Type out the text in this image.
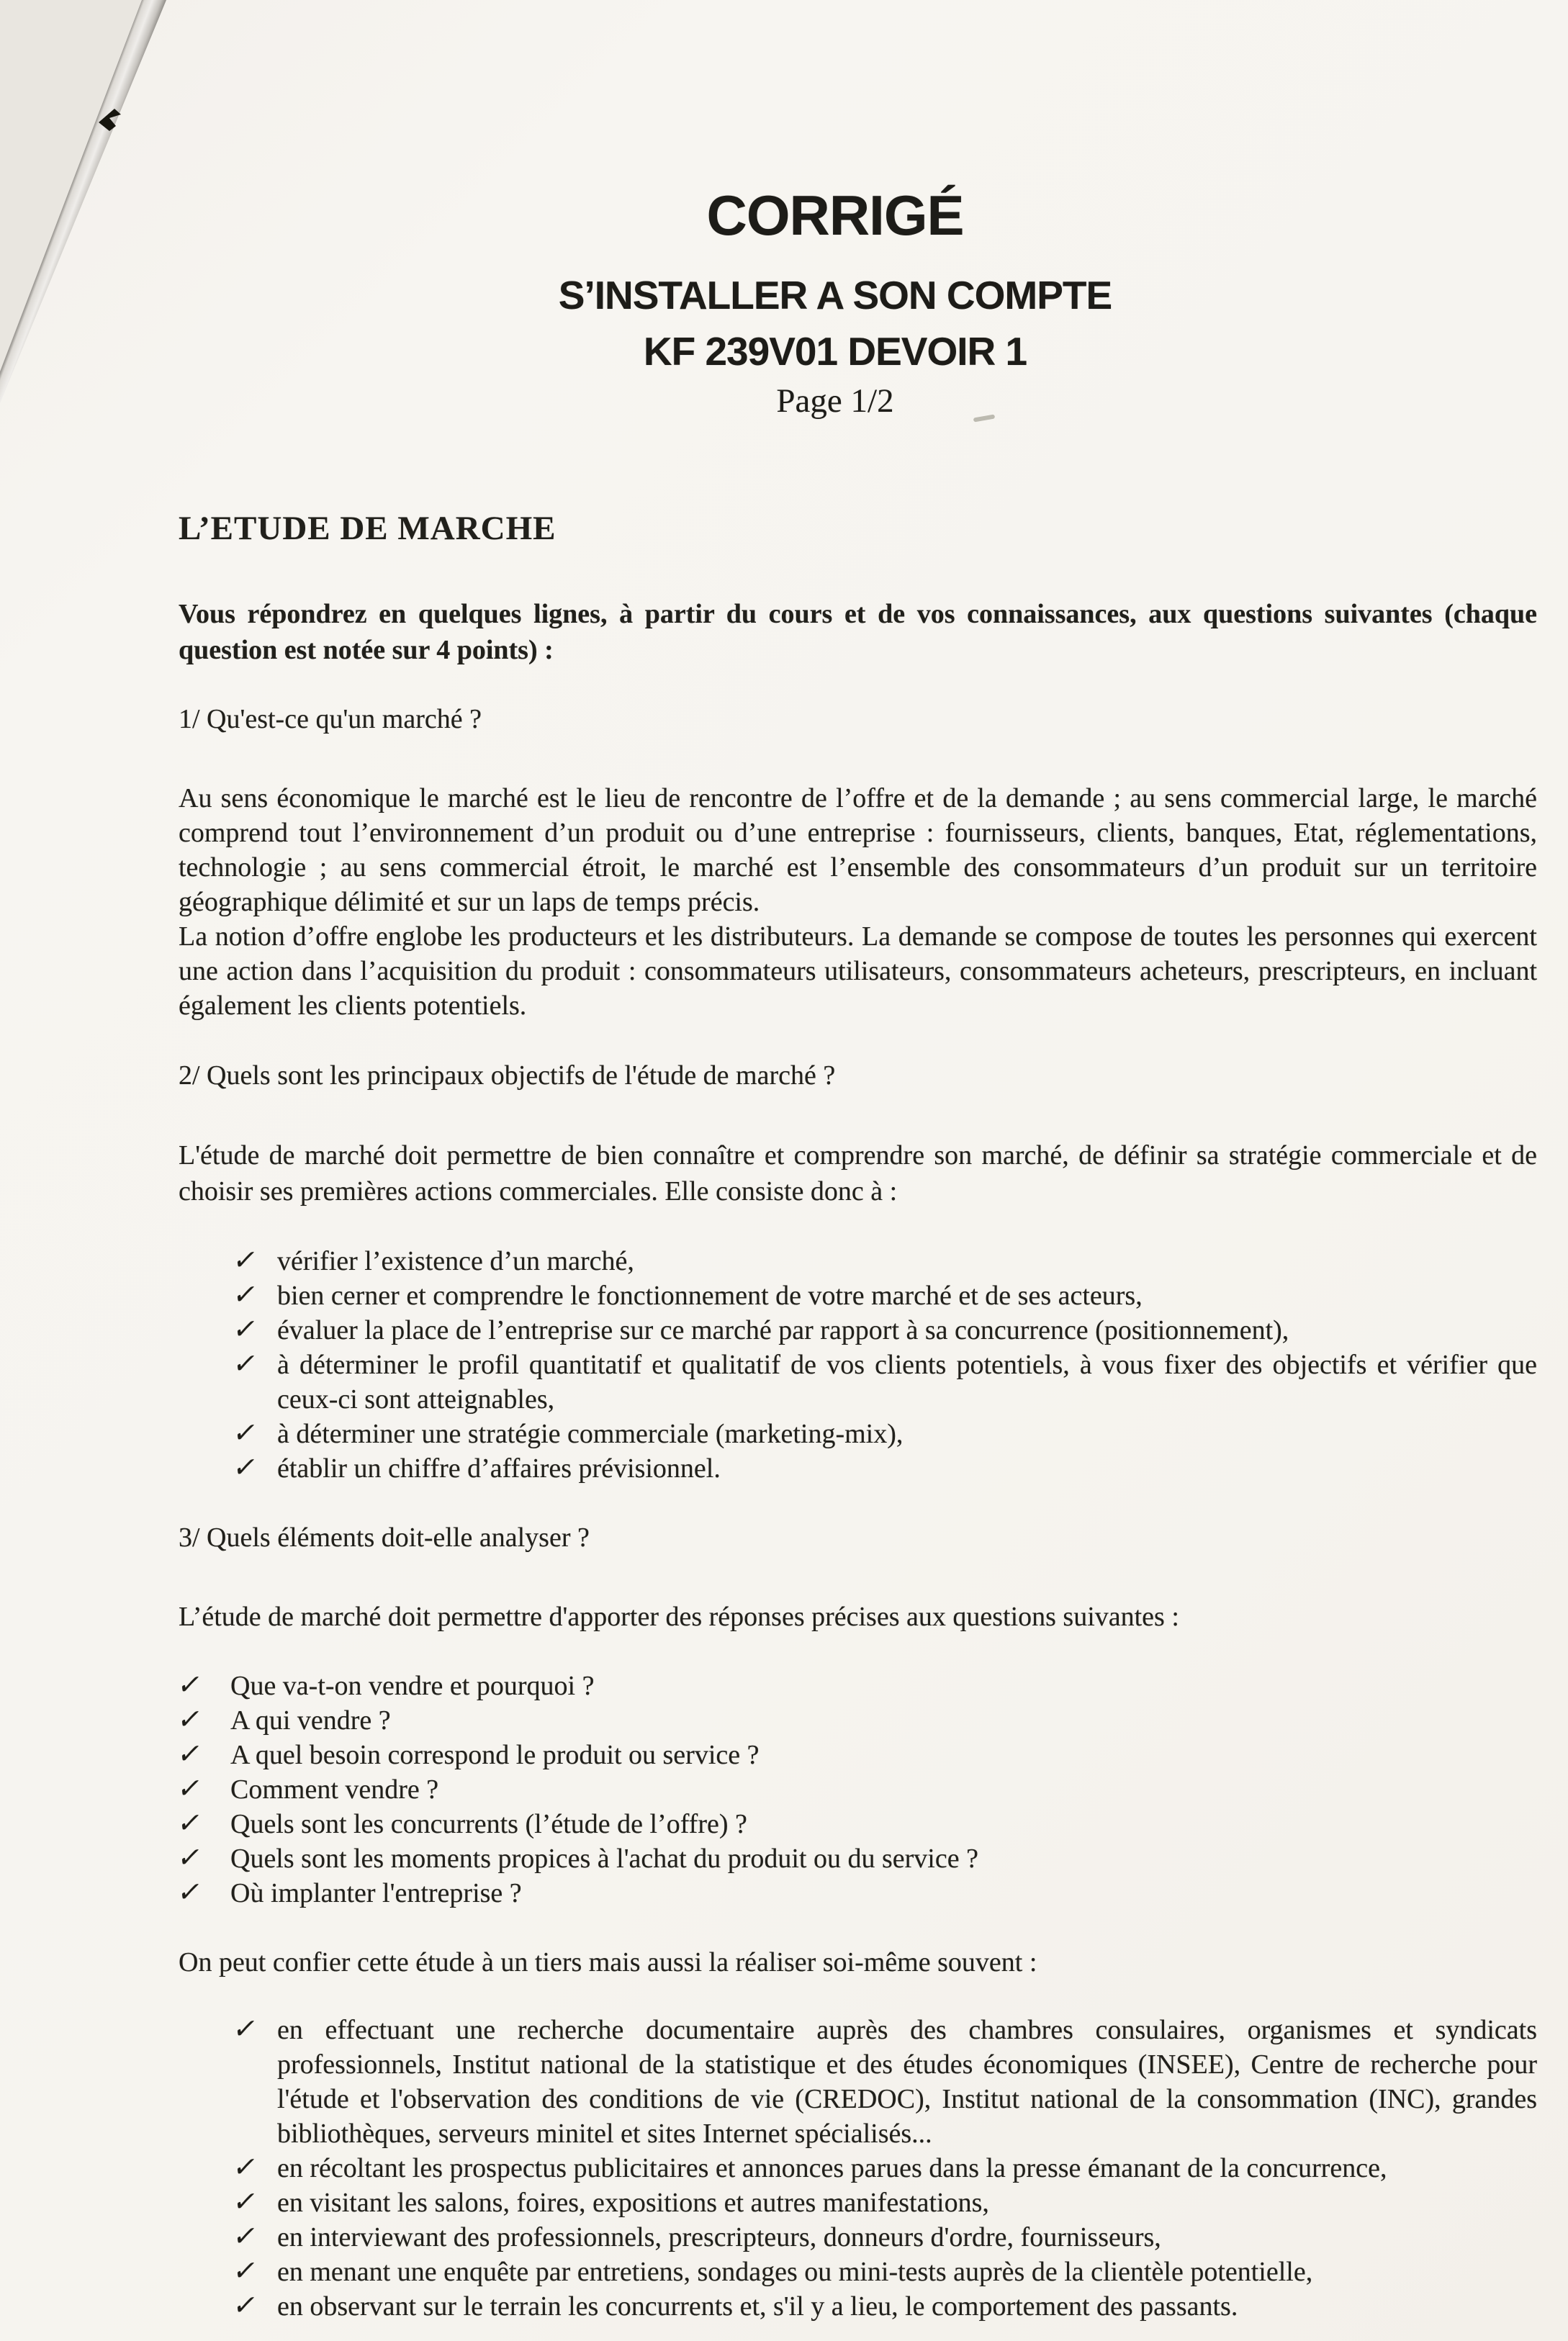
CORRIGÉ
S’INSTALLER A SON COMPTE
KF 239V01 DEVOIR 1
Page 1/2
L’ETUDE DE MARCHE

Vous répondrez en quelques lignes, à partir du cours et de vos connaissances, aux questions suivantes (chaque question est notée sur 4 points) :

1/ Qu'est-ce qu'un marché ?

Au sens économique le marché est le lieu de rencontre de l’offre et de la demande ; au sens commercial large, le marché comprend tout l’environnement d’un produit ou d’une entreprise : fournisseurs, clients, banques, Etat, réglementations, technologie ; au sens commercial étroit, le marché est l’ensemble des consommateurs d’un produit sur un territoire géographique délimité et sur un laps de temps précis.

La notion d’offre englobe les producteurs et les distributeurs. La demande se compose de toutes les personnes qui exercent une action dans l’acquisition du produit : consommateurs utilisateurs, consommateurs acheteurs, prescripteurs, en incluant également les clients potentiels.

2/ Quels sont les principaux objectifs de l'étude de marché ?

L'étude de marché doit permettre de bien connaître et comprendre son marché, de définir sa stratégie commerciale et de choisir ses premières actions commerciales. Elle consiste donc à :

✓ vérifier l’existence d’un marché,
✓ bien cerner et comprendre le fonctionnement de votre marché et de ses acteurs,
✓ évaluer la place de l’entreprise sur ce marché par rapport à sa concurrence (positionnement),
✓ à déterminer le profil quantitatif et qualitatif de vos clients potentiels, à vous fixer des objectifs et vérifier que ceux-ci sont atteignables,
✓ à déterminer une stratégie commerciale (marketing-mix),
✓ établir un chiffre d’affaires prévisionnel.

3/ Quels éléments doit-elle analyser ?

L’étude de marché doit permettre d'apporter des réponses précises aux questions suivantes :

✓ Que va-t-on vendre et pourquoi ?
✓ A qui vendre ?
✓ A quel besoin correspond le produit ou service ?
✓ Comment vendre ?
✓ Quels sont les concurrents (l’étude de l’offre) ?
✓ Quels sont les moments propices à l'achat du produit ou du service ?
✓ Où implanter l'entreprise ?

On peut confier cette étude à un tiers mais aussi la réaliser soi-même souvent :

✓ en effectuant une recherche documentaire auprès des chambres consulaires, organismes et syndicats professionnels, Institut national de la statistique et des études économiques (INSEE), Centre de recherche pour l'étude et l'observation des conditions de vie (CREDOC), Institut national de la consommation (INC), grandes bibliothèques, serveurs minitel et sites Internet spécialisés...
✓ en récoltant les prospectus publicitaires et annonces parues dans la presse émanant de la concurrence,
✓ en visitant les salons, foires, expositions et autres manifestations,
✓ en interviewant des professionnels, prescripteurs, donneurs d'ordre, fournisseurs,
✓ en menant une enquête par entretiens, sondages ou mini-tests auprès de la clientèle potentielle,
✓ en observant sur le terrain les concurrents et, s'il y a lieu, le comportement des passants.
